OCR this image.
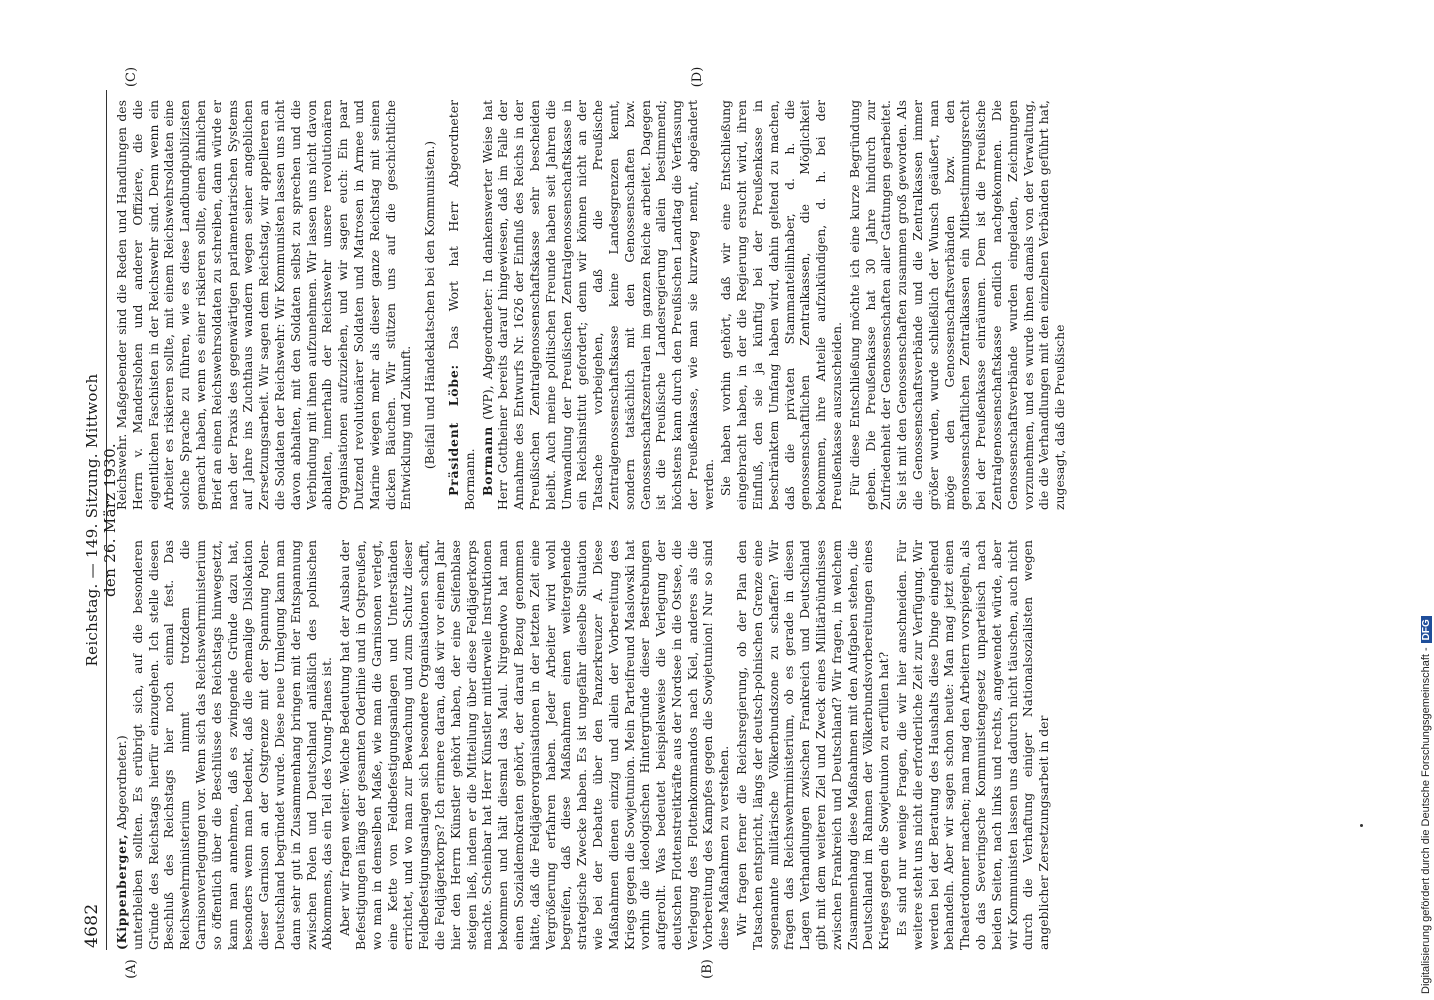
4682
Reichstag. — 149. Sitzung. Mittwoch den 26. März 1930.
(A)	(B)
(C)	(D)

(Kippenberger, Abgeordneter.)
unterbleiben sollten. Es erübrigt sich, auf die besonderen Gründe des Reichstags hierfür einzugehen. Ich stelle diesen Beschluß des Reichstags hier noch einmal fest. Das Reichswehrministerium nimmt trotzdem die Garnisonverlegungen vor. Wenn sich das Reichswehrministerium so öffentlich über die Beschlüsse des Reichstags hinwegsetzt, kann man annehmen, daß es zwingende Gründe dazu hat, besonders wenn man bedenkt, daß die ehemalige Dislokation dieser Garnison an der Ostgrenze mit der Spannung Polen-Deutschland begründet wurde. Diese neue Umlegung kann man dann sehr gut in Zusammenhang bringen mit der Entspannung zwischen Polen und Deutschland anläßlich des polnischen Abkommens, das ein Teil des Young-Planes ist. Aber wir fragen weiter: Welche Bedeutung hat der Ausbau der Befestigungen längs der gesamten Oderlinie und in Ostpreußen, wo man in demselben Maße, wie man die Garnisonen verlegt, eine Kette von Feldbefestigungsanlagen und Unterständen errichtet, und wo man zur Bewachung und zum Schutz dieser Feldbefestigungsanlagen sich besondere Organisationen schafft, die Feldjägerkorps? Ich erinnere daran, daß wir vor einem Jahr hier den Herrn Künstler gehört haben, der eine Seifenblase steigen ließ, indem er die Mitteilung über diese Feldjägerkorps machte. Scheinbar hat Herr Künstler mittlerweile Instruktionen bekommen und hält diesmal das Maul. Nirgendwo hat man einen Sozialdemokraten gehört, der darauf Bezug genommen hätte, daß die Feldjägerorganisationen in der letzten Zeit eine Vergrößerung erfahren haben. Jeder Arbeiter wird wohl begreifen, daß diese Maßnahmen einen weitergehende strategische Zwecke haben. Es ist ungefähr dieselbe Situation wie bei der Debatte über den Panzerkreuzer A. Diese Maßnahmen dienen einzig und allein der Vorbereitung des Kriegs gegen die Sowjetunion. Mein Parteifreund Maslowski hat vorhin die ideologischen Hintergründe dieser Bestrebungen aufgerollt. Was bedeutet beispielsweise die Verlegung der deutschen Flottenstreitkräfte aus der Nordsee in die Ostsee, die Verlegung des Flottenkommandos nach Kiel, anderes als die Vorbereitung des Kampfes gegen die Sowjetunion! Nur so sind diese Maßnahmen zu verstehen. Wir fragen ferner die Reichsregierung, ob der Plan den Tatsachen entspricht, längs der deutsch-polnischen Grenze eine sogenannte militärische Völkerbundszone zu schaffen? Wir fragen das Reichswehrministerium, ob es gerade in diesen Lagen Verhandlungen zwischen Frankreich und Deutschland gibt mit dem weiteren Ziel und Zweck eines Militärbündnisses zwischen Frankreich und Deutschland? Wir fragen, in welchem Zusammenhang diese Maßnahmen mit den Aufgaben stehen, die Deutschland im Rahmen der Völkerbundsvorbereitungen eines Krieges gegen die Sowjetunion zu erfüllen hat? Es sind nur wenige Fragen, die wir hier anschneiden. Für weitere steht uns nicht die erforderliche Zeit zur Verfügung. Wir werden bei der Beratung des Haushalts diese Dinge eingehend behandeln. Aber wir sagen schon heute: Man mag jetzt einen Theaterdonner machen; man mag den Arbeitern vorspiegeln, als ob das Severingsche Kommunistengesetz unparteiisch nach beiden Seiten, nach links und rechts, angewendet würde, aber wir Kommunisten lassen uns dadurch nicht täuschen, auch nicht durch die Verhaftung einiger Nationalsozialisten wegen angeblicher Zersetzungsarbeit in der

Reichswehr. Maßgebender sind die Reden und Handlungen des Herrn v. Manderslohen und anderer Offiziere, die die eigentlichen Faschisten in der Reichswehr sind. Denn wenn ein Arbeiter es riskieren sollte, mit einem Reichswehrsoldaten eine solche Sprache zu führen, wie es diese Landbundpublizisten gemacht haben, wenn es einer riskieren sollte, einen ähnlichen Brief an einen Reichswehrsoldaten zu schreiben, dann würde er nach der Praxis des gegenwärtigen parlamentarischen Systems auf Jahre ins Zuchthaus wandern wegen seiner angeblichen Zersetzungsarbeit. Wir sagen dem Reichstag, wir appellieren an die Soldaten der Reichswehr: Wir Kommunisten lassen uns nicht davon abhalten, mit den Soldaten selbst zu sprechen und die Verbindung mit ihnen aufzunehmen. Wir lassen uns nicht davon abhalten, innerhalb der Reichswehr unsere revolutionären Organisationen aufzuziehen, und wir sagen euch: Ein paar Dutzend revolutionärer Soldaten und Matrosen in Armee und Marine wiegen mehr als dieser ganze Reichstag mit seinen dicken Bäuchen. Wir stützen uns auf die geschichtliche Entwicklung und Zukunft. (Beifall und Händeklatschen bei den Kommunisten.) Präsident Löbe: Das Wort hat Herr Abgeordneter Bormann. Bormann (WP), Abgeordneter: In dankenswerter Weise hat Herr Gottheiner bereits darauf hingewiesen, daß im Falle der Annahme des Entwurfs Nr. 1626 der Einfluß des Reichs in der Preußischen Zentralgenossenschaftskasse sehr bescheiden bleibt. Auch meine politischen Freunde haben seit Jahren die Umwandlung der Preußischen Zentralgenossenschaftskasse in ein Reichsinstitut gefordert; denn wir können nicht an der Tatsache vorbeigehen, daß die Preußische Zentralgenossenschaftskasse keine Landesgrenzen kennt, sondern tatsächlich mit den Genossenschaften bzw. Genossenschaftszentralen im ganzen Reiche arbeitet. Dagegen ist die Preußische Landesregierung allein bestimmend; höchstens kann durch den Preußischen Landtag die Verfassung der Preußenkasse, wie man sie kurzweg nennt, abgeändert werden. Sie haben vorhin gehört, daß wir eine Entschließung eingebracht haben, in der die Regierung ersucht wird, ihren Einfluß, den sie ja künftig bei der Preußenkasse in beschränktem Umfang haben wird, dahin geltend zu machen, daß die privaten Stammanteilinhaber, d. h. die genossenschaftlichen Zentralkassen, die Möglichkeit bekommen, ihre Anteile aufzukündigen, d. h. bei der Preußenkasse auszuscheiden. Für diese Entschließung möchte ich eine kurze Begründung geben. Die Preußenkasse hat 30 Jahre hindurch zur Zufriedenheit der Genossenschaften aller Gattungen gearbeitet. Sie ist mit den Genossenschaften zusammen groß geworden. Als die Genossenschaftsverbände und die Zentralkassen immer größer wurden, wurde schließlich der Wunsch geäußert, man möge den Genossenschaftsverbänden bzw. den genossenschaftlichen Zentralkassen ein Mitbestimmungsrecht bei der Preußenkasse einräumen. Dem ist die Preußische Zentralgenossenschaftskasse endlich nachgekommen. Die Genossenschaftsverbände wurden eingeladen, Zeichnungen vorzunehmen, und es wurde ihnen damals von der Verwaltung, die die Verhandlungen mit den einzelnen Verbänden geführt hat, zugesagt, daß die Preußische

Digitalisierung gefördert durch die Deutsche Forschungsgemeinschaft -DFG
